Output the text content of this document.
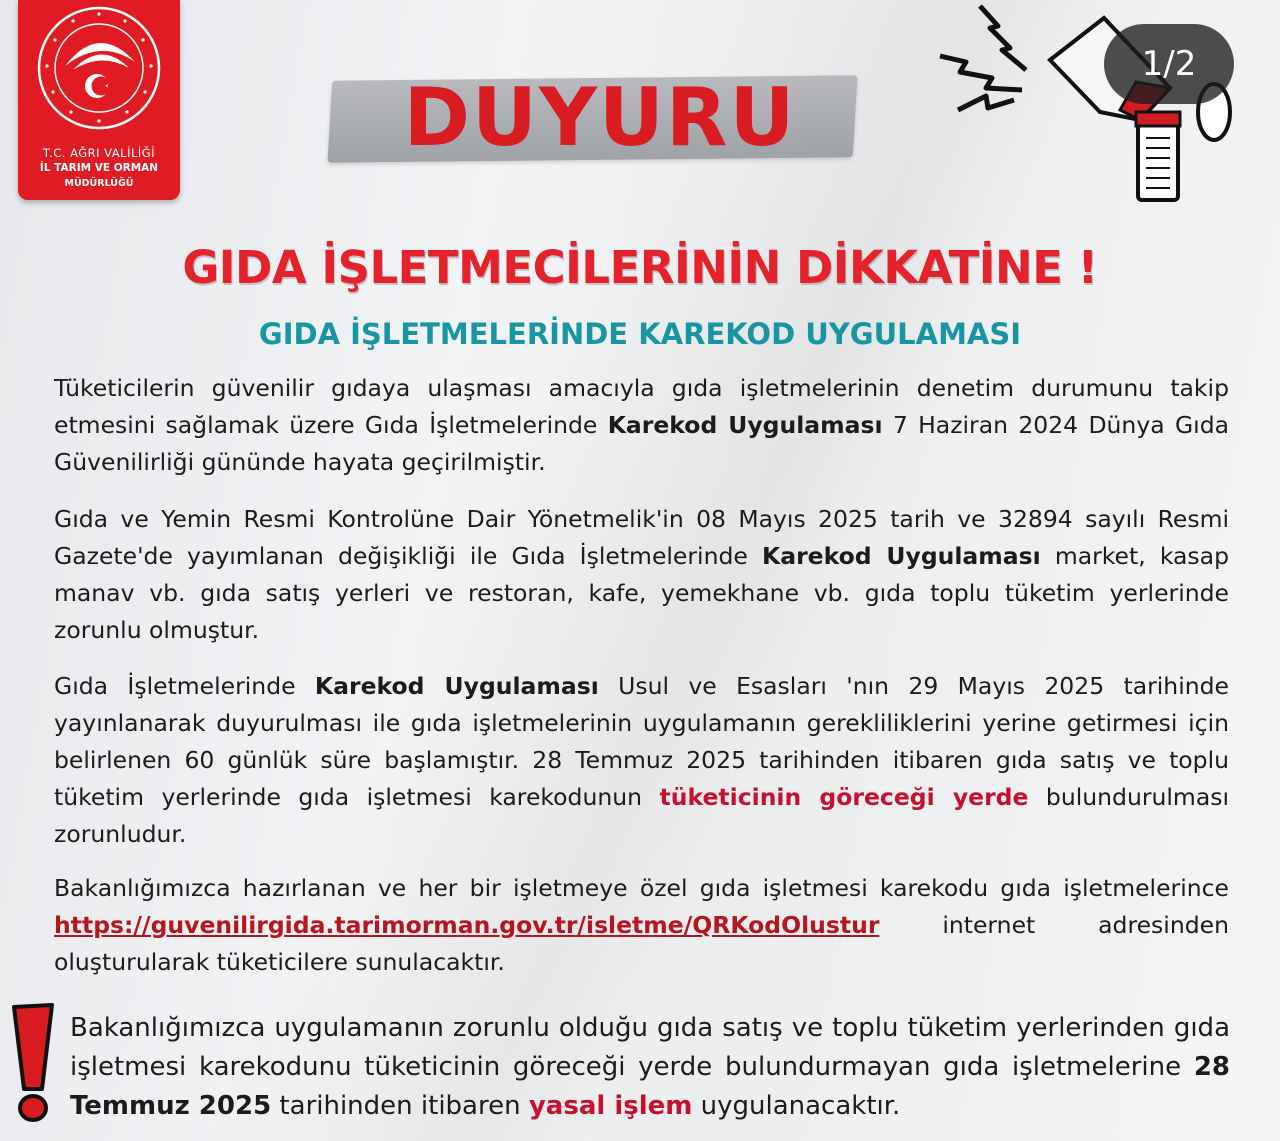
T.C. AĞRI VALİLİĞİ
İL TARIM VE ORMAN
MÜDÜRLÜĞÜ
DUYURU
1/2
GIDA İŞLETMECİLERİNİN DİKKATİNE !
GIDA İŞLETMELERİNDE KAREKOD UYGULAMASI
Tüketicilerin güvenilir gıdaya ulaşması amacıyla gıda işletmelerinin denetim durumunu takip etmesini sağlamak üzere Gıda İşletmelerinde Karekod Uygulaması 7 Haziran 2024 Dünya Gıda Güvenilirliği gününde hayata geçirilmiştir.
Gıda ve Yemin Resmi Kontrolüne Dair Yönetmelik'in 08 Mayıs 2025 tarih ve 32894 sayılı Resmi Gazete'de yayımlanan değişikliği ile Gıda İşletmelerinde Karekod Uygulaması market, kasap manav vb. gıda satış yerleri ve restoran, kafe, yemekhane vb. gıda toplu tüketim yerlerinde zorunlu olmuştur.
Gıda İşletmelerinde Karekod Uygulaması Usul ve Esasları 'nın 29 Mayıs 2025 tarihinde yayınlanarak duyurulması ile gıda işletmelerinin uygulamanın gerekliliklerini yerine getirmesi için belirlenen 60 günlük süre başlamıştır. 28 Temmuz 2025 tarihinden itibaren gıda satış ve toplu tüketim yerlerinde gıda işletmesi karekodunun tüketicinin göreceği yerde bulundurulması zorunludur.
Bakanlığımızca hazırlanan ve her bir işletmeye özel gıda işletmesi karekodu gıda işletmelerince https://guvenilirgida.tarimorman.gov.tr/isletme/QRKodOlustur internet adresinden oluşturularak tüketicilere sunulacaktır.
Bakanlığımızca uygulamanın zorunlu olduğu gıda satış ve toplu tüketim yerlerinden gıda işletmesi karekodunu tüketicinin göreceği yerde bulundurmayan gıda işletmelerine 28 Temmuz 2025 tarihinden itibaren yasal işlem uygulanacaktır.
